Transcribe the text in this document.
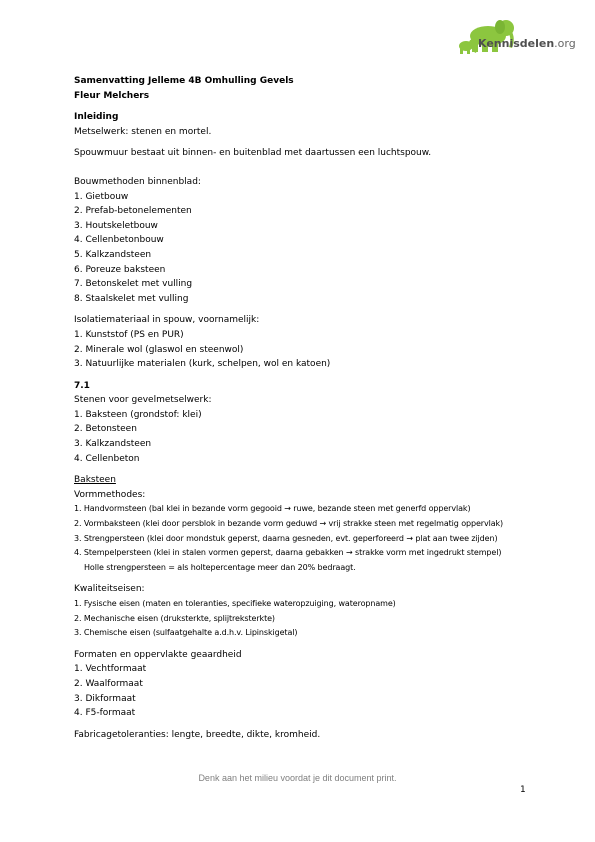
Kennisdelen.org

Samenvatting Jelleme 4B Omhulling Gevels

Fleur Melchers

Inleiding

Metselwerk: stenen en mortel.

Spouwmuur bestaat uit binnen- en buitenblad met daartussen een luchtspouw.

Bouwmethoden binnenblad:

1. Gietbouw

2. Prefab-betonelementen

3. Houtskeletbouw

4. Cellenbetonbouw

5. Kalkzandsteen

6. Poreuze baksteen

7. Betonskelet met vulling

8. Staalskelet met vulling

Isolatiemateriaal in spouw, voornamelijk:

1. Kunststof (PS en PUR)

2. Minerale wol (glaswol en steenwol)

3. Natuurlijke materialen (kurk, schelpen, wol en katoen)

7.1

Stenen voor gevelmetselwerk:

1. Baksteen (grondstof: klei)

2. Betonsteen

3. Kalkzandsteen

4. Cellenbeton

Baksteen

Vormmethodes:

1. Handvormsteen (bal klei in bezande vorm gegooid → ruwe, bezande steen met generfd oppervlak)

2. Vormbaksteen (klei door persblok in bezande vorm geduwd → vrij strakke steen met regelmatig oppervlak)

3. Strengpersteen (klei door mondstuk geperst, daarna gesneden, evt. geperforeerd → plat aan twee zijden)

4. Stempelpersteen (klei in stalen vormen geperst, daarna gebakken → strakke vorm met ingedrukt stempel)

Holle strengpersteen = als holtepercentage meer dan 20% bedraagt.

Kwaliteitseisen:

1. Fysische eisen (maten en toleranties, specifieke wateropzuiging, wateropname)

2. Mechanische eisen (druksterkte, splijtreksterkte)

3. Chemische eisen (sulfaatgehalte a.d.h.v. Lipinskigetal)

Formaten en oppervlakte geaardheid

1. Vechtformaat

2. Waalformaat

3. Dikformaat

4. F5-formaat

Fabricagetoleranties: lengte, breedte, dikte, kromheid.

Denk aan het milieu voordat je dit document print.
1
